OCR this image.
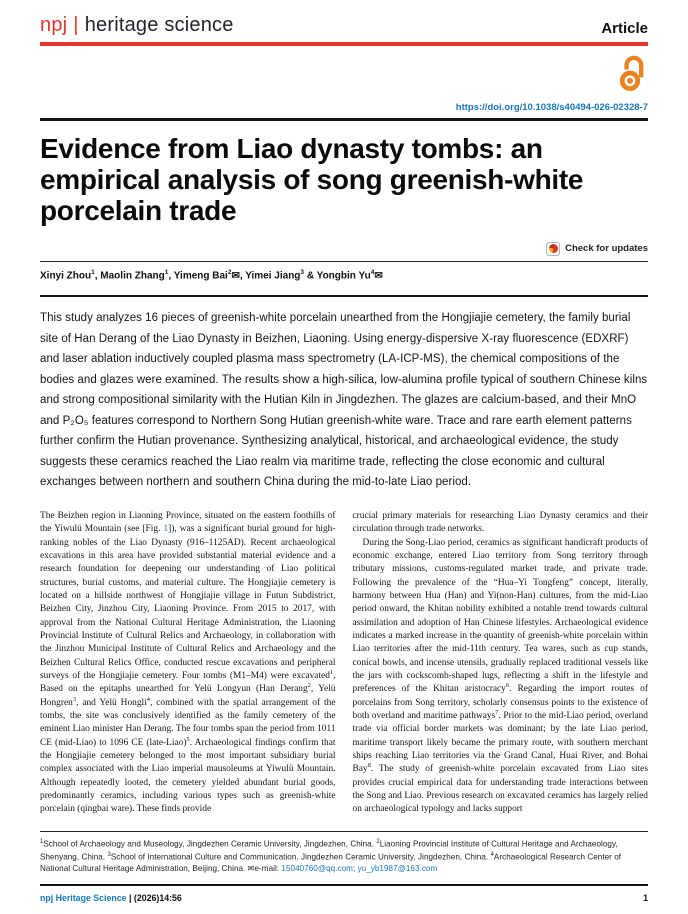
npj | heritage science	Article
https://doi.org/10.1038/s40494-026-02328-7
Evidence from Liao dynasty tombs: an empirical analysis of song greenish-white porcelain trade
Check for updates
Xinyi Zhou$^1$, Maolin Zhang$^1$, Yimeng Bai$^2$✉, Yimei Jiang$^3$ & Yongbin Yu$^4$✉
This study analyzes 16 pieces of greenish-white porcelain unearthed from the Hongjiajie cemetery, the family burial site of Han Derang of the Liao Dynasty in Beizhen, Liaoning. Using energy-dispersive X-ray fluorescence (EDXRF) and laser ablation inductively coupled plasma mass spectrometry (LA-ICP-MS), the chemical compositions of the bodies and glazes were examined. The results show a high-silica, low-alumina profile typical of southern Chinese kilns and strong compositional similarity with the Hutian Kiln in Jingdezhen. The glazes are calcium-based, and their MnO and P₂O₅ features correspond to Northern Song Hutian greenish-white ware. Trace and rare earth element patterns further confirm the Hutian provenance. Synthesizing analytical, historical, and archaeological evidence, the study suggests these ceramics reached the Liao realm via maritime trade, reflecting the close economic and cultural exchanges between northern and southern China during the mid-to-late Liao period.

The Beizhen region in Liaoning Province, situated on the eastern foothills of the Yiwulü Mountain (see [Fig. 1]), was a significant burial ground for high-ranking nobles of the Liao Dynasty (916–1125AD). Recent archaeological excavations in this area have provided substantial material evidence and a research foundation for deepening our understanding of Liao political structures, burial customs, and material culture. The Hongjiajie cemetery is located on a hillside northwest of Hongjiajie village in Futun Subdistrict, Beizhen City, Jinzhou City, Liaoning Province. From 2015 to 2017, with approval from the National Cultural Heritage Administration, the Liaoning Provincial Institute of Cultural Relics and Archaeology, in collaboration with the Jinzhou Municipal Institute of Cultural Relics and Archaeology and the Beizhen Cultural Relics Office, conducted rescue excavations and peripheral surveys of the Hongjiajie cemetery. Four tombs (M1–M4) were excavated$^1$, Based on the epitaphs unearthed for Yelü Longyun (Han Derang$^2$, Yelü Hongren$^3$, and Yelü Hongli$^4$, combined with the spatial arrangement of the tombs, the site was conclusively identified as the family cemetery of the eminent Liao minister Han Derang. The four tombs span the period from 1011 CE (mid-Liao) to 1096 CE (late-Liao)$^5$. Archaeological findings confirm that the Hongjiajie cemetery belonged to the most important subsidiary burial complex associated with the Liao imperial mausoleums at Yiwulü Mountain. Although repeatedly looted, the cemetery yielded abundant burial goods, predominantly ceramics, including various types such as greenish-white porcelain (qingbai ware). These finds provide

crucial primary materials for researching Liao Dynasty ceramics and their circulation through trade networks.

During the Song-Liao period, ceramics as significant handicraft products of economic exchange, entered Liao territory from Song territory through tributary missions, customs-regulated market trade, and private trade. Following the prevalence of the “Hua–Yi Tongfeng” concept, literally, harmony between Hua (Han) and Yi(non-Han) cultures, from the mid-Liao period onward, the Khitan nobility exhibited a notable trend towards cultural assimilation and adoption of Han Chinese lifestyles. Archaeological evidence indicates a marked increase in the quantity of greenish-white porcelain within Liao territories after the mid-11th century. Tea wares, such as cup stands, conical bowls, and incense utensils, gradually replaced traditional vessels like the jars with cockscomb-shaped lugs, reflecting a shift in the lifestyle and preferences of the Khitan aristocracy$^6$. Regarding the import routes of porcelains from Song territory, scholarly consensus points to the existence of both overland and maritime pathways$^7$. Prior to the mid-Liao period, overland trade via official border markets was dominant; by the late Liao period, maritime transport likely became the primary route, with southern merchant ships reaching Liao territories via the Grand Canal, Huai River, and Bohai Bay$^8$. The study of greenish-white porcelain excavated from Liao sites provides crucial empirical data for understanding trade interactions between the Song and Liao. Previous research on excavated ceramics has largely relied on archaeological typology and lacks support

$^1$School of Archaeology and Museology, Jingdezhen Ceramic University, Jingdezhen, China. $^2$Liaoning Provincial Institute of Cultural Heritage and Archaeology, Shenyang, China. $^3$School of International Culture and Communication, Jingdezhen Ceramic University, Jingdezhen, China. $^4$Archaeological Research Center of National Cultural Heritage Administration, Beijing, China. ✉e-mail: 15040760@qq.com; yu_yb1987@163.com
npj Heritage Science | (2026)14:56	1
